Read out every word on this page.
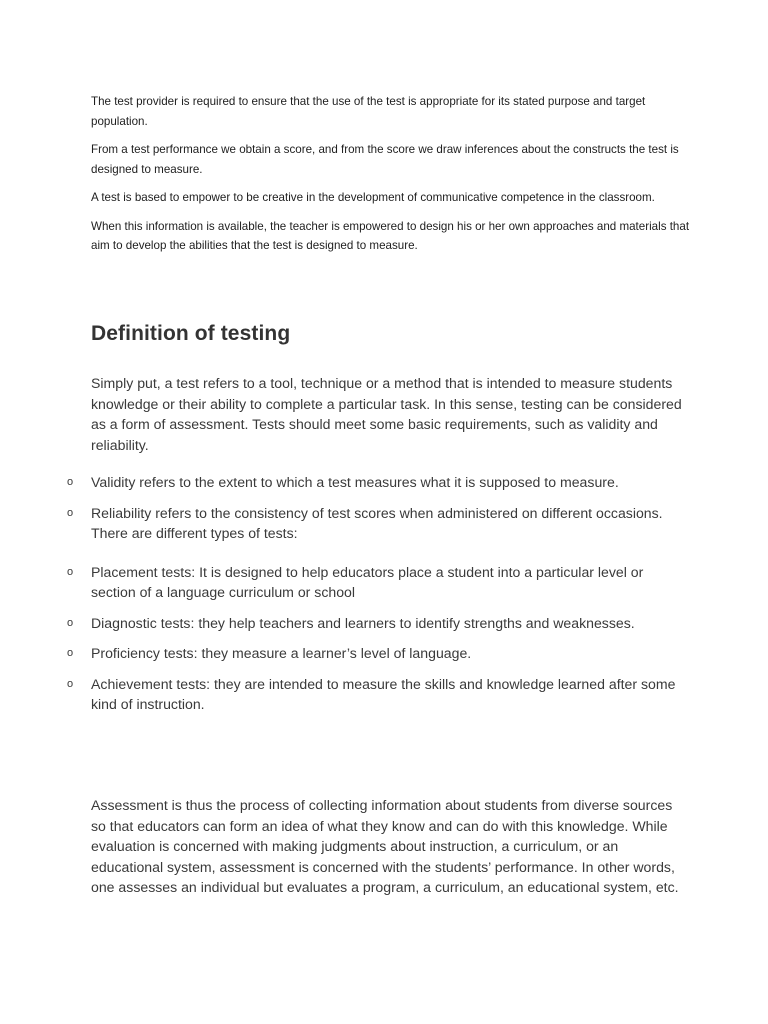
The test provider is required to ensure that the use of the test is appropriate for its stated purpose and target population.

From a test performance we obtain a score, and from the score we draw inferences about the constructs the test is designed to measure.

A test is based to empower to be creative in the development of communicative competence in the classroom.

When this information is available, the teacher is empowered to design his or her own approaches and materials that aim to develop the abilities that the test is designed to measure.

Definition of testing

Simply put, a test refers to a tool, technique or a method that is intended to measure students knowledge or their ability to complete a particular task. In this sense, testing can be considered as a form of assessment. Tests should meet some basic requirements, such as validity and reliability.

o Validity refers to the extent to which a test measures what it is supposed to measure.
o Reliability refers to the consistency of test scores when administered on different occasions.
There are different types of tests:
o Placement tests: It is designed to help educators place a student into a particular level or section of a language curriculum or school
o Diagnostic tests: they help teachers and learners to identify strengths and weaknesses.
o Proficiency tests: they measure a learner’s level of language.
o Achievement tests: they are intended to measure the skills and knowledge learned after some kind of instruction.

Assessment is thus the process of collecting information about students from diverse sources so that educators can form an idea of what they know and can do with this knowledge. While evaluation is concerned with making judgments about instruction, a curriculum, or an educational system, assessment is concerned with the students’ performance. In other words, one assesses an individual but evaluates a program, a curriculum, an educational system, etc.
